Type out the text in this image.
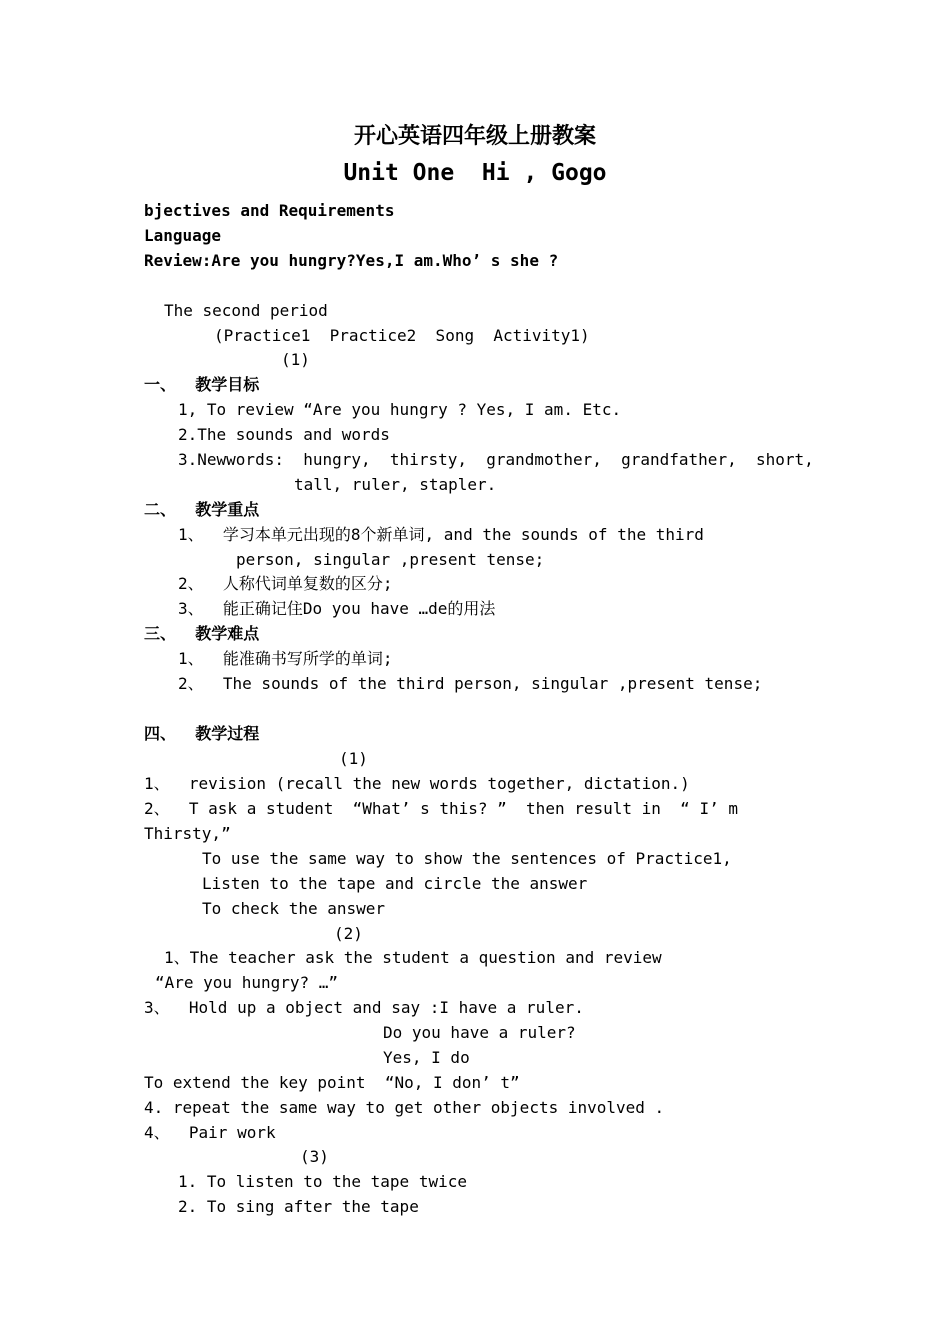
开心英语四年级上册教案
Unit One  Hi , Gogo
bjectives and Requirements
Language
Review:Are you hungry?Yes,I am.Who’ s she ?
The second period
(Practice1  Practice2  Song  Activity1)
(1)
一、  教学目标
1, To review “Are you hungry ? Yes, I am. Etc.
2.The sounds and words
3.Newwords:  hungry,  thirsty,  grandmother,  grandfather,  short,
tall, ruler, stapler.
二、  教学重点
1、  学习本单元出现的8个新单词, and the sounds of the third
person, singular ,present tense;
2、  人称代词单复数的区分;
3、  能正确记住Do you have …de的用法
三、  教学难点
1、  能准确书写所学的单词;
2、  The sounds of the third person, singular ,present tense;
四、  教学过程
(1)
1、  revision (recall the new words together, dictation.)
2、  T ask a student  “What’ s this? ”  then result in  “ I’ m
Thirsty,”
To use the same way to show the sentences of Practice1,
Listen to the tape and circle the answer
To check the answer
(2)
1、The teacher ask the student a question and review
“Are you hungry? …”
3、  Hold up a object and say :I have a ruler.
Do you have a ruler?
Yes, I do
To extend the key point  “No, I don’ t”
4. repeat the same way to get other objects involved .
4、  Pair work
(3)
1. To listen to the tape twice
2. To sing after the tape
